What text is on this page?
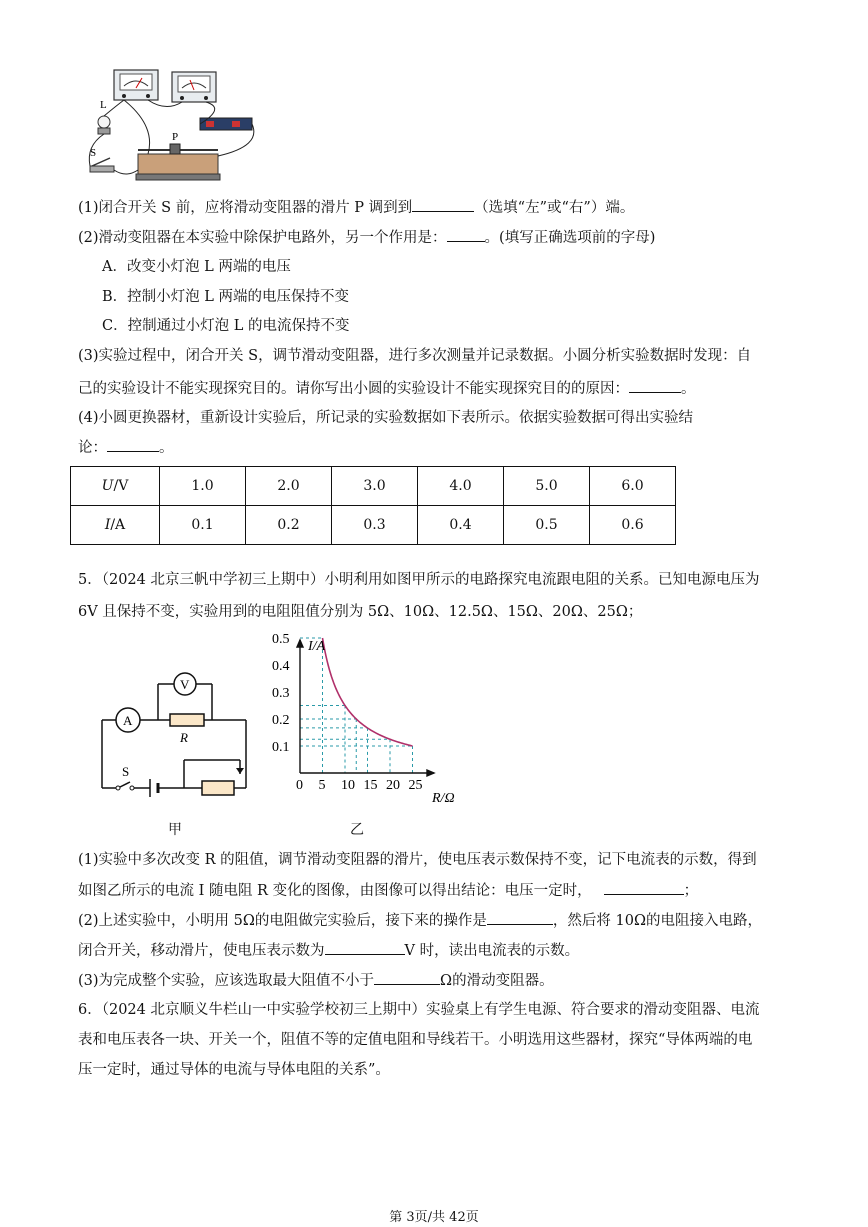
L
S
P
(1)闭合开关 S 前，应将滑动变阻器的滑片 P 调到到	（选填“左”或“右”）端。
(2)滑动变阻器在本实验中除保护电路外，另一个作用是：	。(填写正确选项前的字母)
A．改变小灯泡 L 两端的电压
B．控制小灯泡 L 两端的电压保持不变
C．控制通过小灯泡 L 的电流保持不变
(3)实验过程中，闭合开关 S，调节滑动变阻器，进行多次测量并记录数据。小圆分析实验数据时发现：自
己的实验设计不能实现探究目的。请你写出小圆的实验设计不能实现探究目的的原因：	。
(4)小圆更换器材，重新设计实验后，所记录的实验数据如下表所示。依据实验数据可得出实验结
论：	。
U/V	1.0	2.0	3.0	4.0	5.0	6.0
I/A	0.1	0.2	0.3	0.4	0.5	0.6
5．（2024 北京三帆中学初三上期中）小明利用如图甲所示的电路探究电流跟电阻的关系。已知电源电压为
6V 且保持不变，实验用到的电阻阻值分别为 5Ω、10Ω、12.5Ω、15Ω、20Ω、25Ω；
A
V
R
S
甲
0 5 10 15 20 25
0.1
0.2
0.3
0.4
0.5 I/A
R/Ω
乙
(1)实验中多次改变 R 的阻值，调节滑动变阻器的滑片，使电压表示数保持不变，记下电流表的示数，得到
如图乙所示的电流 I 随电阻 R 变化的图像，由图像可以得出结论：电压一定时，	；
(2)上述实验中，小明用 5Ω的电阻做完实验后，接下来的操作是	，然后将 10Ω的电阻接入电路，
闭合开关，移动滑片，使电压表示数为	V 时，读出电流表的示数。
(3)为完成整个实验，应该选取最大阻值不小于	Ω的滑动变阻器。
6．（2024 北京顺义牛栏山一中实验学校初三上期中）实验桌上有学生电源、符合要求的滑动变阻器、电流
表和电压表各一块、开关一个，阻值不等的定值电阻和导线若干。小明选用这些器材，探究“导体两端的电
压一定时，通过导体的电流与导体电阻的关系”。
第 3页/共 42页
